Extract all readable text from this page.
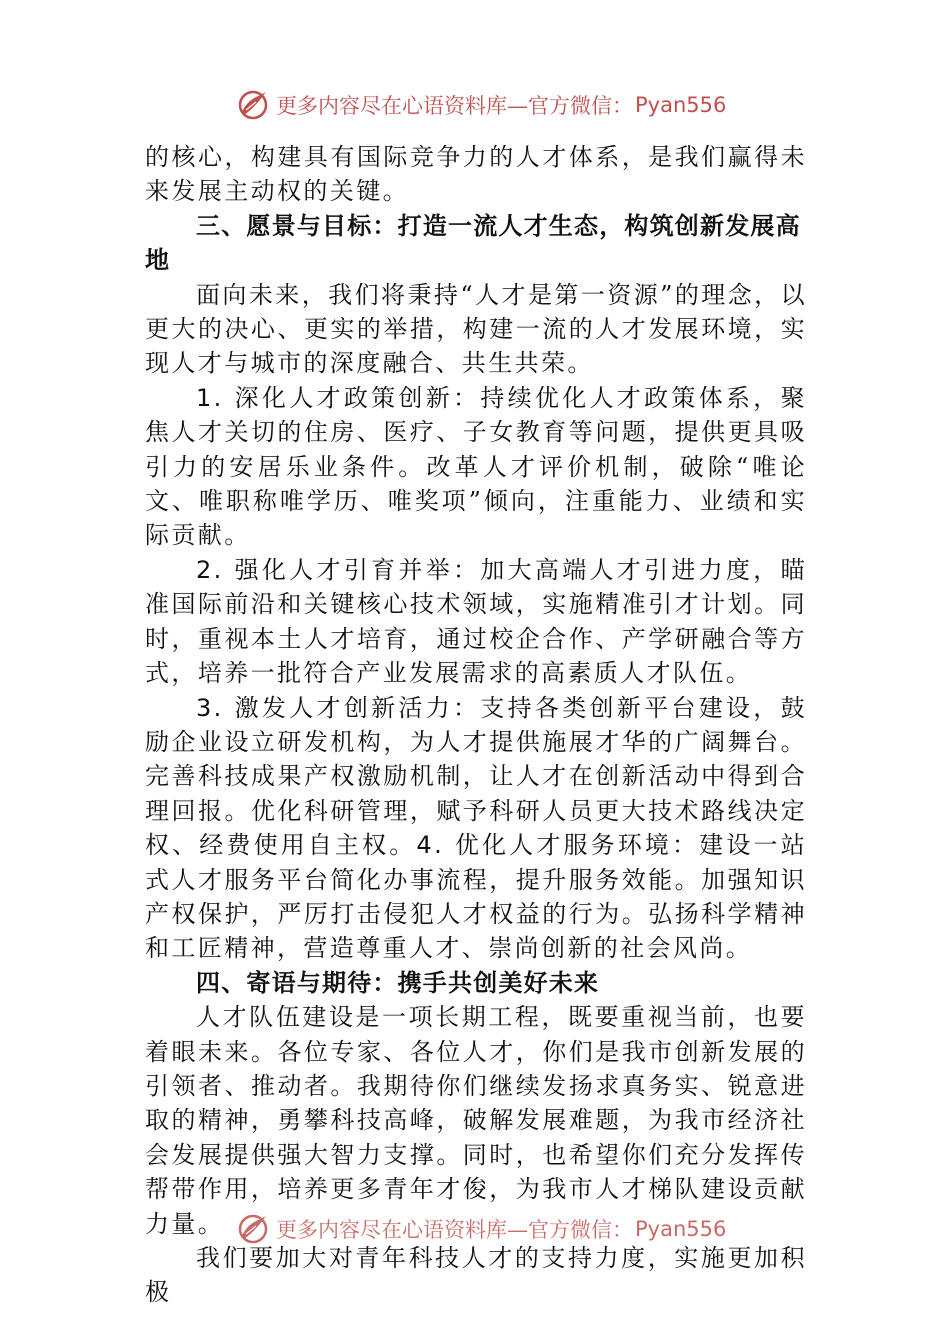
更多内容尽在心语资料库—官方微信： Pyan556

的核心，构建具有国际竞争力的人才体系，是我们赢得未来发展主动权的关键。

三、愿景与目标：打造一流人才生态，构筑创新发展高地

面向未来，我们将秉持“人才是第一资源”的理念，以更大的决心、更实的举措，构建一流的人才发展环境，实现人才与城市的深度融合、共生共荣。

1. 深化人才政策创新：持续优化人才政策体系，聚焦人才关切的住房、医疗、子女教育等问题，提供更具吸引力的安居乐业条件。改革人才评价机制，破除“唯论文、唯职称唯学历、唯奖项”倾向，注重能力、业绩和实际贡献。

2. 强化人才引育并举：加大高端人才引进力度，瞄准国际前沿和关键核心技术领域，实施精准引才计划。同时，重视本土人才培育，通过校企合作、产学研融合等方式，培养一批符合产业发展需求的高素质人才队伍。

3. 激发人才创新活力：支持各类创新平台建设，鼓励企业设立研发机构，为人才提供施展才华的广阔舞台。完善科技成果产权激励机制，让人才在创新活动中得到合理回报。优化科研管理，赋予科研人员更大技术路线决定权、经费使用自主权。4. 优化人才服务环境：建设一站式人才服务平台简化办事流程，提升服务效能。加强知识产权保护，严厉打击侵犯人才权益的行为。弘扬科学精神和工匠精神，营造尊重人才、崇尚创新的社会风尚。

四、寄语与期待：携手共创美好未来

人才队伍建设是一项长期工程，既要重视当前，也要着眼未来。各位专家、各位人才，你们是我市创新发展的引领者、推动者。我期待你们继续发扬求真务实、锐意进取的精神，勇攀科技高峰，破解发展难题，为我市经济社会发展提供强大智力支撑。同时，也希望你们充分发挥传帮带作用，培养更多青年才俊，为我市人才梯队建设贡献力量。

我们要加大对青年科技人才的支持力度，实施更加积极

更多内容尽在心语资料库—官方微信： Pyan556
